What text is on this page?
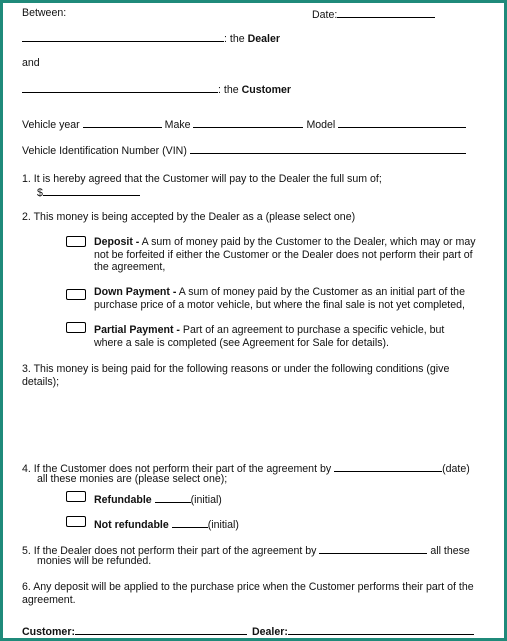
Between:	Date:
: the Dealer
and
: the Customer
Vehicle year	Make	Model
Vehicle Identification Number (VIN)
1. It is hereby agreed that the Customer will pay to the Dealer the full sum of;
$
2. This money is being accepted by the Dealer as a (please select one)
Deposit - A sum of money paid by the Customer to the Dealer, which may or may not be forfeited if either the Customer or the Dealer does not perform their part of the agreement,
Down Payment - A sum of money paid by the Customer as an initial part of the purchase price of a motor vehicle, but where the final sale is not yet completed,
Partial Payment - Part of an agreement to purchase a specific vehicle, but where a sale is completed (see Agreement for Sale for details).
3. This money is being paid for the following reasons or under the following conditions (give details);
4. If the Customer does not perform their part of the agreement by	(date)
all these monies are (please select one);
Refundable	(initial)
Not refundable	(initial)
5. If the Dealer does not perform their part of the agreement by	all these
monies will be refunded.
6. Any deposit will be applied to the purchase price when the Customer performs their part of the agreement.
Customer:	Dealer:
